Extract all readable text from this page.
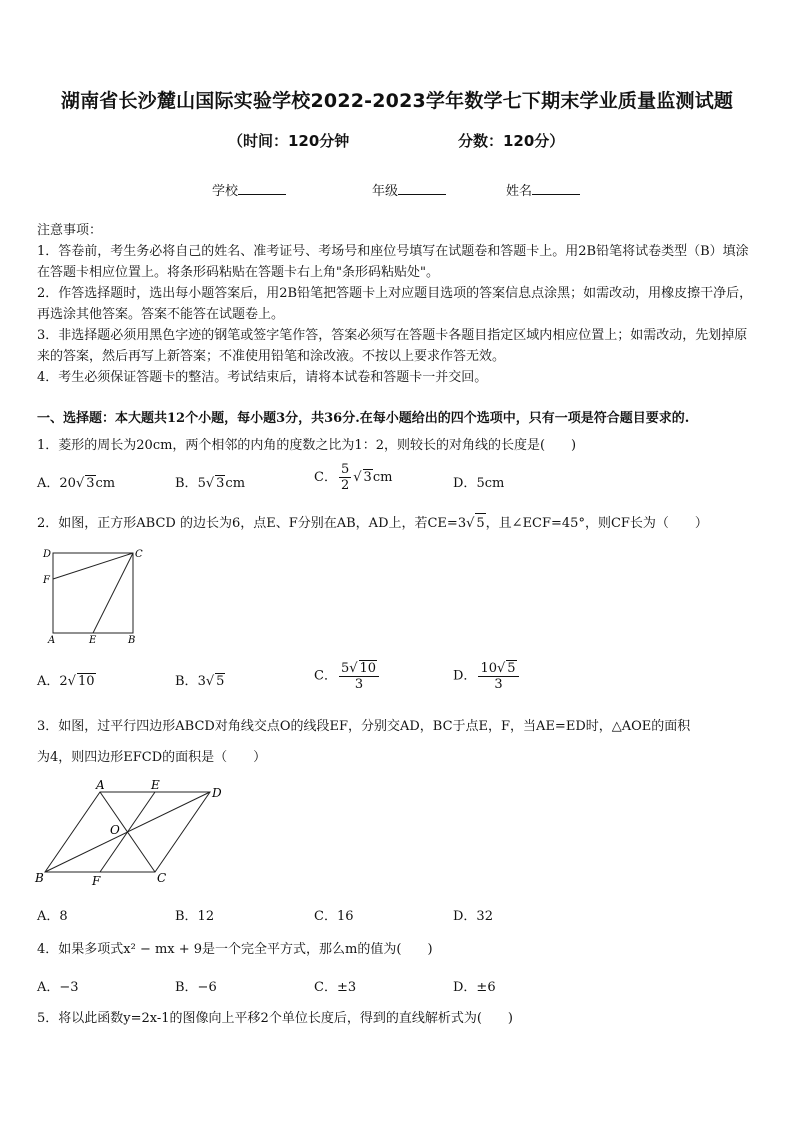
湖南省长沙麓山国际实验学校2022-2023学年数学七下期末学业质量监测试题
（时间：120分钟	分数：120分）
学校	年级	姓名

注意事项：

1．答卷前，考生务必将自己的姓名、准考证号、考场号和座位号填写在试题卷和答题卡上。用2B铅笔将试卷类型（B）填涂在答题卡相应位置上。将条形码粘贴在答题卡右上角"条形码粘贴处"。

2．作答选择题时，选出每小题答案后，用2B铅笔把答题卡上对应题目选项的答案信息点涂黑；如需改动，用橡皮擦干净后，再选涂其他答案。答案不能答在试题卷上。

3．非选择题必须用黑色字迹的钢笔或签字笔作答，答案必须写在答题卡各题目指定区域内相应位置上；如需改动，先划掉原来的答案，然后再写上新答案；不准使用铅笔和涂改液。不按以上要求作答无效。

4．考生必须保证答题卡的整洁。考试结束后，请将本试卷和答题卡一并交回。

一、选择题：本大题共12个小题，每小题3分，共36分.在每小题给出的四个选项中，只有一项是符合题目要求的.
1．菱形的周长为20cm，两个相邻的内角的度数之比为1：2，则较长的对角线的长度是(　　)
A．20√ 3cm	B．5√ 3cm	C． $\frac{5}{2}$ √ 3cm	D．5cm
2．如图，正方形ABCD 的边长为6，点E、F分别在AB，AD上，若CE=3√ 5，且∠ECF=45°，则CF长为（　　）
D	C
F
A	E	B
A．2√ 10	B．3√ 5	C． $\frac{5√ 10}{3}$	D． $\frac{10√ 5}{3}$
3．如图，过平行四边形ABCD对角线交点O的线段EF，分别交AD，BC于点E，F，当AE=ED时，△AOE的面积
为4，则四边形EFCD的面积是（　　）
A	E
D
O
B	F	C
A．8	B．12	C．16	D．32
4．如果多项式x² − mx + 9是一个完全平方式，那么m的值为(　　)
A．−3	B．−6	C．±3	D．±6
5．将以此函数y=2x-1的图像向上平移2个单位长度后，得到的直线解析式为(　　)
